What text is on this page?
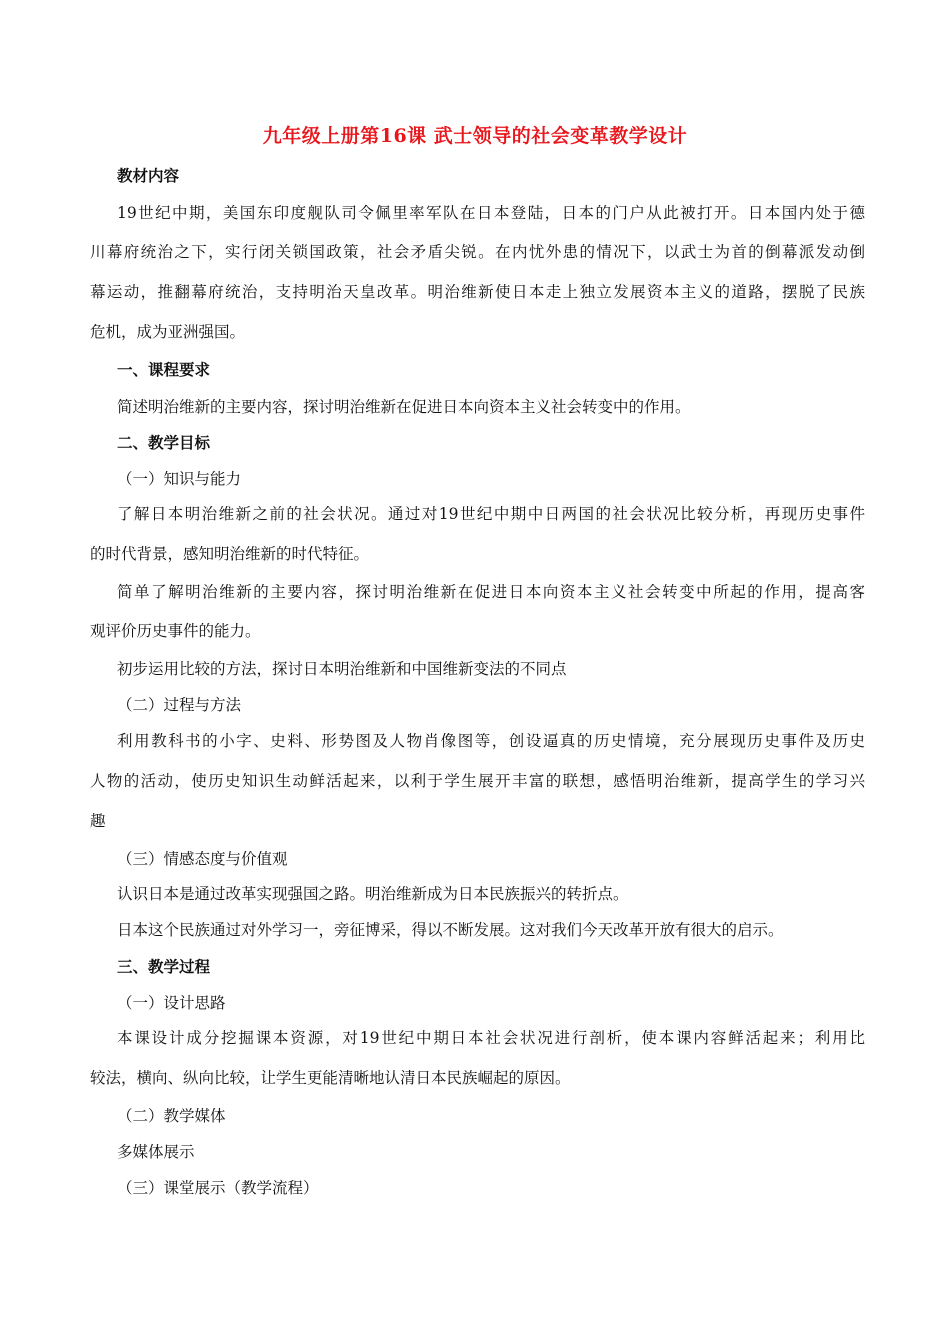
九年级上册第16课 武士领导的社会变革教学设计
教材内容
19世纪中期，美国东印度舰队司令佩里率军队在日本登陆，日本的门户从此被打开。日本国内处于德
川幕府统治之下，实行闭关锁国政策，社会矛盾尖锐。在内忧外患的情况下，以武士为首的倒幕派发动倒
幕运动，推翻幕府统治，支持明治天皇改革。明治维新使日本走上独立发展资本主义的道路，摆脱了民族
危机，成为亚洲强国。
一、课程要求
简述明治维新的主要内容，探讨明治维新在促进日本向资本主义社会转变中的作用。
二、教学目标
（一）知识与能力
了解日本明治维新之前的社会状况。通过对19世纪中期中日两国的社会状况比较分析，再现历史事件
的时代背景，感知明治维新的时代特征。
简单了解明治维新的主要内容，探讨明治维新在促进日本向资本主义社会转变中所起的作用，提高客
观评价历史事件的能力。
初步运用比较的方法，探讨日本明治维新和中国维新变法的不同点
（二）过程与方法
利用教科书的小字、史料、形势图及人物肖像图等，创设逼真的历史情境，充分展现历史事件及历史
人物的活动，使历史知识生动鲜活起来，以利于学生展开丰富的联想，感悟明治维新，提高学生的学习兴
趣
（三）情感态度与价值观
认识日本是通过改革实现强国之路。明治维新成为日本民族振兴的转折点。
日本这个民族通过对外学习一，旁征博采，得以不断发展。这对我们今天改革开放有很大的启示。
三、教学过程
（一）设计思路
本课设计成分挖掘课本资源，对19世纪中期日本社会状况进行剖析，使本课内容鲜活起来；利用比
较法，横向、纵向比较，让学生更能清晰地认清日本民族崛起的原因。
（二）教学媒体
多媒体展示
（三）课堂展示（教学流程）
